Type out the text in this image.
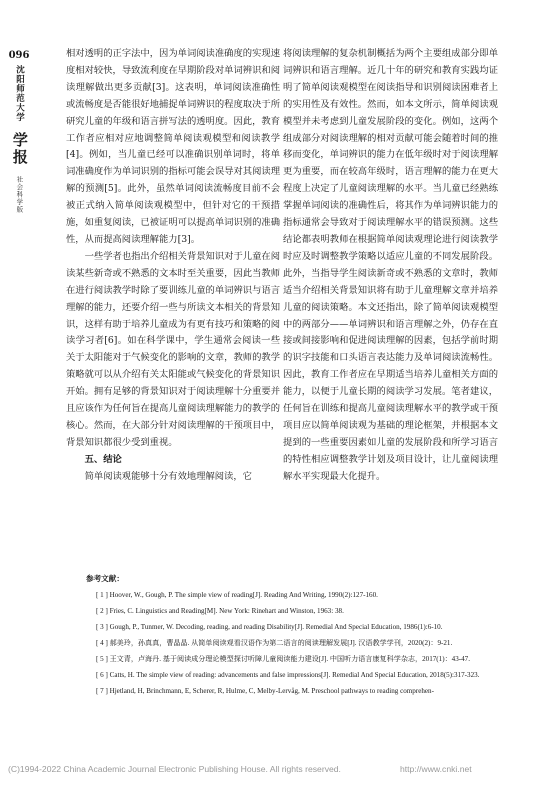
096
沈阳师范大学
学报
社会科学版

相对透明的正字法中，因为单词阅读准确度的实现速度相对较快，导致流利度在早期阶段对单词辨识和阅读理解做出更多贡献[3]。这表明，单词阅读准确性或流畅度是否能很好地捕捉单词辨识的程度取决于所研究儿童的年级和语言拼写法的透明度。因此，教育工作者应相对应地调整简单阅读观模型和阅读教学[4]。例如，当儿童已经可以准确识别单词时，将单词准确度作为单词识别的指标可能会误导对其阅读理解的预测[5]。此外，虽然单词阅读流畅度目前不会被正式纳入简单阅读观模型中，但针对它的干预措施，如重复阅读，已被证明可以提高单词识别的准确性，从而提高阅读理解能力[3]。

一些学者也指出介绍相关背景知识对于儿童在阅读某些新奇或不熟悉的文本时至关重要，因此当教师在进行阅读教学时除了要训练儿童的单词辨识与语言理解的能力，还要介绍一些与所读文本相关的背景知识，这样有助于培养儿童成为有更有技巧和策略的阅读学习者[6]。如在科学课中，学生通常会阅读一些关于太阳能对于气候变化的影响的文章，教师的教学策略就可以从介绍有关太阳能或气候变化的背景知识开始。拥有足够的背景知识对于阅读理解十分重要并且应该作为任何旨在提高儿童阅读理解能力的教学的核心。然而，在大部分针对阅读理解的干预项目中，背景知识都很少受到重视。

五、结论

简单阅读观能够十分有效地理解阅读，它

将阅读理解的复杂机制概括为两个主要组成部分即单词辨识和语言理解。近几十年的研究和教育实践均证明了简单阅读观模型在阅读指导和识别阅读困难者上的实用性及有效性。然而，如本文所示，简单阅读观模型并未考虑到儿童发展阶段的变化。例如，这两个组成部分对阅读理解的相对贡献可能会随着时间的推移而变化，单词辨识的能力在低年级时对于阅读理解更为重要，而在较高年级时，语言理解的能力在更大程度上决定了儿童阅读理解的水平。当儿童已经熟练掌握单词阅读的准确性后，将其作为单词辨识能力的指标通常会导致对于阅读理解水平的错误预测。这些结论都表明教师在根据简单阅读观理论进行阅读教学时应及时调整教学策略以适应儿童的不同发展阶段。此外，当指导学生阅读新奇或不熟悉的文章时，教师适当介绍相关背景知识将有助于儿童理解文章并培养儿童的阅读策略。本文还指出，除了简单阅读观模型中的两部分——单词辨识和语言理解之外，仍存在直接或间接影响和促进阅读理解的因素，包括学前时期的识字技能和口头语言表达能力及单词阅读流畅性。因此，教育工作者应在早期适当培养儿童相关方面的能力，以便于儿童长期的阅读学习发展。笔者建议，任何旨在训练和提高儿童阅读理解水平的教学或干预项目应以简单阅读观为基础的理论框架，并根据本文提到的一些重要因素如儿童的发展阶段和所学习语言的特性相应调整教学计划及项目设计，让儿童阅读理解水平实现最大化提升。

参考文献：
[ 1 ] Hoover, W., Gough, P. The simple view of reading[J]. Reading And Writing, 1990(2):127-160.
[ 2 ] Fries, C. Linguistics and Reading[M]. New York: Rinehart and Winston, 1963: 38.
[ 3 ] Gough, P., Tunmer, W. Decoding, reading, and reading Disability[J]. Remedial And Special Education, 1986(1):6-10.
[ 4 ] 郝美玲，孙真真，曹晶晶. 从简单阅读观看汉语作为第二语言的阅读理解发展[J]. 汉语教学学刊，2020(2)：9-21.
[ 5 ] 王文青，卢海丹. 基于阅读成分理论模型探讨听障儿童阅读能力建设[J]. 中国听力语言康复科学杂志，2017(1)：43-47.
[ 6 ] Catts, H. The simple view of reading: advancements and false impressions[J]. Remedial And Special Education, 2018(5):317-323.
[ 7 ] Hjetland, H, Brinchmann, E, Scherer, R, Hulme, C, Melby-Lervåg, M. Preschool pathways to reading comprehen-
(C)1994-2022 China Academic Journal Electronic Publishing House. All rights reserved.	http://www.cnki.net
